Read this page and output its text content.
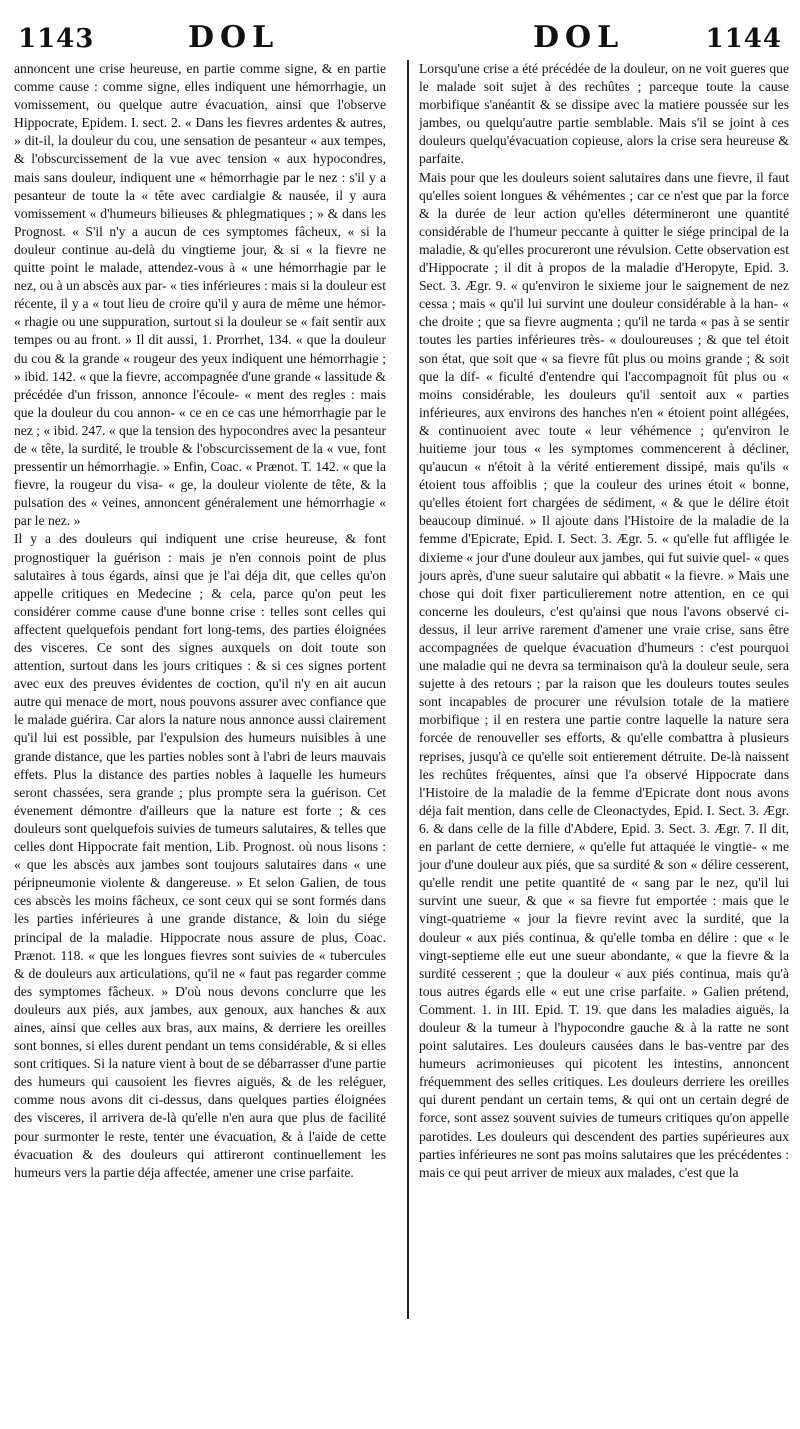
1143	DOL	DOL	1144

annoncent une crise heureuse, en partie comme signe, & en partie comme cause : comme signe, elles indiquent une hémorrhagie, un vomissement, ou quelque autre évacuation, ainsi que l'observe Hippocrate, Epidem. I. sect. 2. « Dans les fievres ardentes & autres, » dit-il, la douleur du cou, une sensation de pesanteur « aux tempes, & l'obscurcissement de la vue avec tension « aux hypocondres, mais sans douleur, indiquent une « hémorrhagie par le nez : s'il y a pesanteur de toute la « tête avec cardialgie & nausée, il y aura vomissement « d'humeurs bilieuses & phlegmatiques ; » & dans les Prognost. « S'il n'y a aucun de ces symptomes fâcheux, « si la douleur continue au-delà du vingtieme jour, & si « la fievre ne quitte point le malade, attendez-vous à « une hémorrhagie par le nez, ou à un abscès aux par- « ties inférieures : mais si la douleur est récente, il y a « tout lieu de croire qu'il y aura de même une hémor- « rhagie ou une suppuration, surtout si la douleur se « fait sentir aux tempes ou au front. » Il dit aussi, 1. Prorrhet, 134. « que la douleur du cou & la grande « rougeur des yeux indiquent une hémorrhagie ; » ibid. 142. « que la fievre, accompagnée d'une grande « lassitude & précédée d'un frisson, annonce l'écoule- « ment des regles : mais que la douleur du cou annon- « ce en ce cas une hémorrhagie par le nez ; « ibid. 247. « que la tension des hypocondres avec la pesanteur de « tête, la surdité, le trouble & l'obscurcissement de la « vue, font pressentir un hémorrhagie. » Enfin, Coac. « Prænot. T. 142. « que la fievre, la rougeur du visa- « ge, la douleur violente de tête, & la pulsation des « veines, annoncent généralement une hémorrhagie « par le nez. »

Il y a des douleurs qui indiquent une crise heureuse, & font prognostiquer la guérison : mais je n'en connois point de plus salutaires à tous égards, ainsi que je l'ai déja dit, que celles qu'on appelle critiques en Medecine ; & cela, parce qu'on peut les considérer comme cause d'une bonne crise : telles sont celles qui affectent quelquefois pendant fort long-tems, des parties éloignées des visceres. Ce sont des signes auxquels on doit toute son attention, surtout dans les jours critiques : & si ces signes portent avec eux des preuves évidentes de coction, qu'il n'y en ait aucun autre qui menace de mort, nous pouvons assurer avec confiance que le malade guérira. Car alors la nature nous annonce aussi clairement qu'il lui est possible, par l'expulsion des humeurs nuisibles à une grande distance, que les parties nobles sont à l'abri de leurs mauvais effets. Plus la distance des parties nobles à laquelle les humeurs seront chassées, sera grande ; plus prompte sera la guérison. Cet évenement démontre d'ailleurs que la nature est forte ; & ces douleurs sont quelquefois suivies de tumeurs salutaires, & telles que celles dont Hippocrate fait mention, Lib. Prognost. où nous lisons : « que les abscès aux jambes sont toujours salutaires dans « une péripneumonie violente & dangereuse. » Et selon Galien, de tous ces abscès les moins fâcheux, ce sont ceux qui se sont formés dans les parties inférieures à une grande distance, & loin du siége principal de la maladie. Hippocrate nous assure de plus, Coac. Prænot. 118. « que les longues fievres sont suivies de « tubercules & de douleurs aux articulations, qu'il ne « faut pas regarder comme des symptomes fâcheux. » D'où nous devons conclurre que les douleurs aux piés, aux jambes, aux genoux, aux hanches & aux aines, ainsi que celles aux bras, aux mains, & derriere les oreilles sont bonnes, si elles durent pendant un tems considérable, & si elles sont critiques. Si la nature vient à bout de se débarrasser d'une partie des humeurs qui causoient les fievres aiguës, & de les reléguer, comme nous avons dit ci-dessus, dans quelques parties éloignées des visceres, il arrivera de-là qu'elle n'en aura que plus de facilité pour surmonter le reste, tenter une évacuation, & à l'aide de cette évacuation & des douleurs qui attireront continuellement les humeurs vers la partie déja affectée, amener une crise parfaite.

Lorsqu'une crise a été précédée de la douleur, on ne voit gueres que le malade soit sujet à des rechûtes ; parceque toute la cause morbifique s'anéantit & se dissipe avec la matiere poussée sur les jambes, ou quelqu'autre partie semblable. Mais s'il se joint à ces douleurs quelqu'évacuation copieuse, alors la crise sera heureuse & parfaite.

Mais pour que les douleurs soient salutaires dans une fievre, il faut qu'elles soient longues & véhémentes ; car ce n'est que par la force & la durée de leur action qu'elles détermineront une quantité considérable de l'humeur peccante à quitter le siége principal de la maladie, & qu'elles procureront une révulsion. Cette observation est d'Hippocrate ; il dit à propos de la maladie d'Heropyte, Epid. 3. Sect. 3. Ægr. 9. « qu'environ le sixieme jour le saignement de nez cessa ; mais « qu'il lui survint une douleur considérable à la han- « che droite ; que sa fievre augmenta ; qu'il ne tarda « pas à se sentir toutes les parties inférieures très- « douloureuses ; & que tel étoit son état, que soit que « sa fievre fût plus ou moins grande ; & soit que la dif- « ficulté d'entendre qui l'accompagnoit fût plus ou « moins considérable, les douleurs qu'il sentoit aux « parties inférieures, aux environs des hanches n'en « étoient point allégées, & continuoient avec toute « leur véhémence ; qu'environ le huitieme jour tous « les symptomes commencerent à décliner, qu'aucun « n'étoit à la vérité entierement dissipé, mais qu'ils « étoient tous affoiblis ; que la couleur des urines étoit « bonne, qu'elles étoient fort chargées de sédiment, « & que le délire étoit beaucoup diminué. » Il ajoute dans l'Histoire de la maladie de la femme d'Epicrate, Epid. I. Sect. 3. Ægr. 5. « qu'elle fut affligée le dixieme « jour d'une douleur aux jambes, qui fut suivie quel- « ques jours après, d'une sueur salutaire qui abbatit « la fievre. » Mais une chose qui doit fixer particulierement notre attention, en ce qui concerne les douleurs, c'est qu'ainsi que nous l'avons observé ci-dessus, il leur arrive rarement d'amener une vraie crise, sans être accompagnées de quelque évacuation d'humeurs : c'est pourquoi une maladie qui ne devra sa terminaison qu'à la douleur seule, sera sujette à des retours ; par la raison que les douleurs toutes seules sont incapables de procurer une révulsion totale de la matiere morbifique ; il en restera une partie contre laquelle la nature sera forcée de renouveller ses efforts, & qu'elle combattra à plusieurs reprises, jusqu'à ce qu'elle soit entierement détruite. De-là naissent les rechûtes fréquentes, ainsi que l'a observé Hippocrate dans l'Histoire de la maladie de la femme d'Epicrate dont nous avons déja fait mention, dans celle de Cleonactydes, Epid. I. Sect. 3. Ægr. 6. & dans celle de la fille d'Abdere, Epid. 3. Sect. 3. Ægr. 7. Il dit, en parlant de cette derniere, « qu'elle fut attaquée le vingtie- « me jour d'une douleur aux piés, que sa surdité & son « délire cesserent, qu'elle rendit une petite quantité de « sang par le nez, qu'il lui survint une sueur, & que « sa fievre fut emportée : mais que le vingt-quatrieme « jour la fievre revint avec la surdité, que la douleur « aux piés continua, & qu'elle tomba en délire : que « le vingt-septieme elle eut une sueur abondante, « que la fievre & la surdité cesserent ; que la douleur « aux piés continua, mais qu'à tous autres égards elle « eut une crise parfaite. » Galien prétend, Comment. 1. in III. Epid. T. 19. que dans les maladies aiguës, la douleur & la tumeur à l'hypocondre gauche & à la ratte ne sont point salutaires. Les douleurs causées dans le bas-ventre par des humeurs acrimonieuses qui picotent les intestins, annoncent fréquemment des selles critiques. Les douleurs derriere les oreilles qui durent pendant un certain tems, & qui ont un certain degré de force, sont assez souvent suivies de tumeurs critiques qu'on appelle parotides. Les douleurs qui descendent des parties supérieures aux parties inférieures ne sont pas moins salutaires que les précédentes : mais ce qui peut arriver de mieux aux malades, c'est que la
